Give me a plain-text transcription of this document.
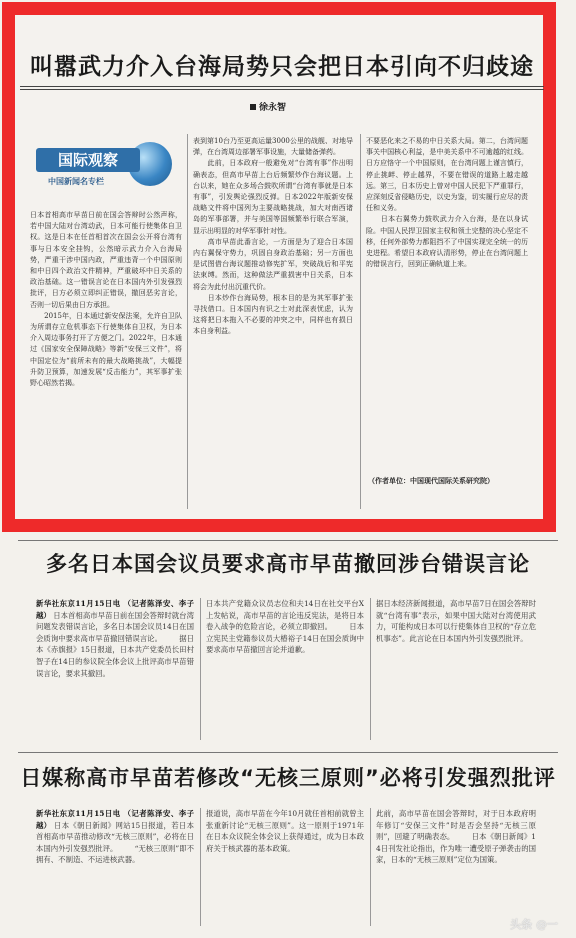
叫嚣武力介入台海局势只会把日本引向不归歧途
徐永智
国际观察
中国新闻名专栏
日本首相高市早苗日前在国会答辩时公然声称，若中国大陆对台湾动武，日本可能行使集体自卫权。这是日本在任首相首次在国会公开将台湾有事与日本安全挂钩，公然暗示武力介入台海局势，严重干涉中国内政，严重违背一个中国原则和中日四个政治文件精神，严重破坏中日关系的政治基础。这一错误言论在日本国内外引发强烈批评，日方必须立即纠正错误，撤回恶劣言论，否则一切后果由日方承担。
　　2015年，日本通过新安保法案，允许自卫队为所谓存立危机事态下行使集体自卫权，为日本介入周边事务打开了方便之门。2022年，日本通过《国家安全保障战略》等新“安保三文件”，将中国定位为“前所未有的最大战略挑战”，大幅提升防卫预算，加速发展“反击能力”，其军事扩张野心昭然若揭。
表到第10台乃至更高运量3000公里的战舰、对地导弹，在台湾周边部署军事设施，大量储备弹药。
　　此前，日本政府一般避免对“台湾有事”作出明确表态，但高市早苗上台后频繁炒作台海议题。上台以来，她在众多场合鼓吹所谓“台湾有事就是日本有事”，引发舆论强烈反弹。日本2022年版新安保战略文件将中国列为主要战略挑战，加大对南西诸岛的军事部署，并与美国等国频繁举行联合军演，显示出明显的对华军事针对性。
　　高市早苗此番言论，一方面是为了迎合日本国内右翼保守势力，巩固自身政治基础；另一方面也是试图借台海议题推动修宪扩军，突破战后和平宪法束缚。然而，这种做法严重损害中日关系，日本将会为此付出沉重代价。
　　日本炒作台海局势，根本目的是为其军事扩张寻找借口。日本国内有识之士对此深表忧虑，认为这将把日本拖入不必要的冲突之中，同样也有损日本自身利益。
不要恶化来之不易的中日关系大局。第二，台湾问题事关中国核心利益，是中美关系中不可逾越的红线。日方应恪守一个中国原则，在台湾问题上谨言慎行，停止挑衅、停止越界，不要在错误的道路上越走越远。第三，日本历史上曾对中国人民犯下严重罪行，应深刻反省侵略历史，以史为鉴，切实履行应尽的责任和义务。
　　日本右翼势力鼓吹武力介入台海，是在以身试险。中国人民捍卫国家主权和领土完整的决心坚定不移，任何外部势力都阻挡不了中国实现完全统一的历史进程。希望日本政府认清形势，停止在台湾问题上的错误言行，回到正确轨道上来。
（作者单位：中国现代国际关系研究院）
多名日本国会议员要求高市早苗撤回涉台错误言论
新华社东京11月15日电 （记者陈泽安、李子越） 日本首相高市早苗日前在国会答辩时就台湾问题发表错误言论，多名日本国会议员14日在国会质询中要求高市早苗撤回错误言论。 　　据日本《赤旗报》15日报道，日本共产党委员长田村智子在14日的参议院全体会议上批评高市早苗错误言论，要求其撤回。
日本共产党籍众议员志位和夫14日在社交平台X上发帖说，高市早苗的言论违反宪法，是将日本卷入战争的危险言论，必须立即撤回。 　　日本立宪民主党籍参议员大椿裕子14日在国会质询中要求高市早苗撤回言论并道歉。
据日本经济新闻报道，高市早苗7日在国会答辩时就“台湾有事”表示，如果中国大陆对台湾使用武力，可能构成日本可以行使集体自卫权的“存立危机事态”。此言论在日本国内外引发强烈批评。
日媒称高市早苗若修改“无核三原则”必将引发强烈批评
新华社东京11月15日电 （记者陈泽安、李子越） 日本《朝日新闻》网站15日报道，若日本首相高市早苗推动修改“无核三原则”，必将在日本国内外引发强烈批评。 　　“无核三原则”即不拥有、不制造、不运进核武器。
报道说，高市早苗在今年10月就任首相前就曾主张重新讨论“无核三原则”。这一原则于1971年在日本众议院全体会议上获得通过，成为日本政府关于核武器的基本政策。
此前，高市早苗在国会答辩时，对于日本政府明年修订“安保三文件”时是否会坚持“无核三原则”，回避了明确表态。 　　日本《朝日新闻》14日刊发社论指出，作为唯一遭受原子弹袭击的国家，日本的“无核三原则”定位为国策。
头条 @一
